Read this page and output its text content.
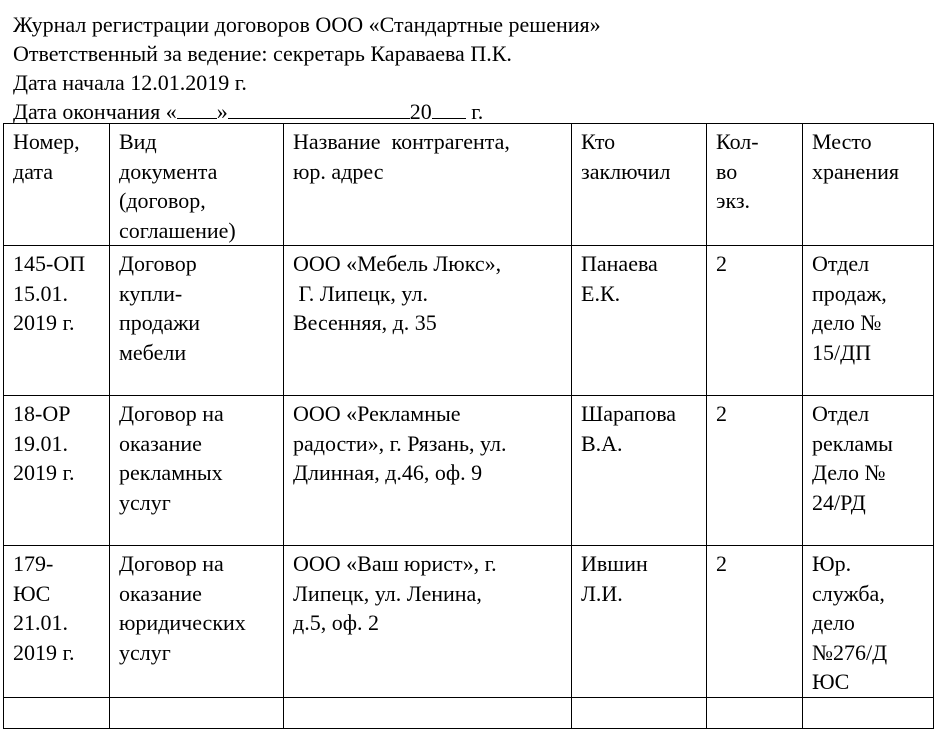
Журнал регистрации договоров ООО «Стандартные решения»
Ответственный за ведение: секретарь Караваева П.К.
Дата начала 12.01.2019 г.
Дата окончания « »	20 г.
Номер,
дата	Вид
документа
(договор,
соглашение)	Название  контрагента,
юр. адрес	Кто
заключил	Кол-
во
экз.	Место
хранения

145-ОП
15.01.
2019 г.	Договор
купли-
продажи
мебели	ООО «Мебель Люкс»,
Г. Липецк, ул.
Весенняя, д. 35	Панаева
Е.К.	2	Отдел
продаж,
дело №
15/ДП

18-ОР
19.01.
2019 г.	Договор на
оказание
рекламных
услуг	ООО «Рекламные
радости», г. Рязань, ул.
Длинная, д.46, оф. 9	Шарапова
В.А.	2	Отдел
рекламы
Дело №
24/РД

179-
ЮС
21.01.
2019 г.	Договор на
оказание
юридических
услуг	ООО «Ваш юрист», г.
Липецк, ул. Ленина,
д.5, оф. 2	Ившин
Л.И.	2	Юр.
служба,
дело
№276/Д
ЮС
